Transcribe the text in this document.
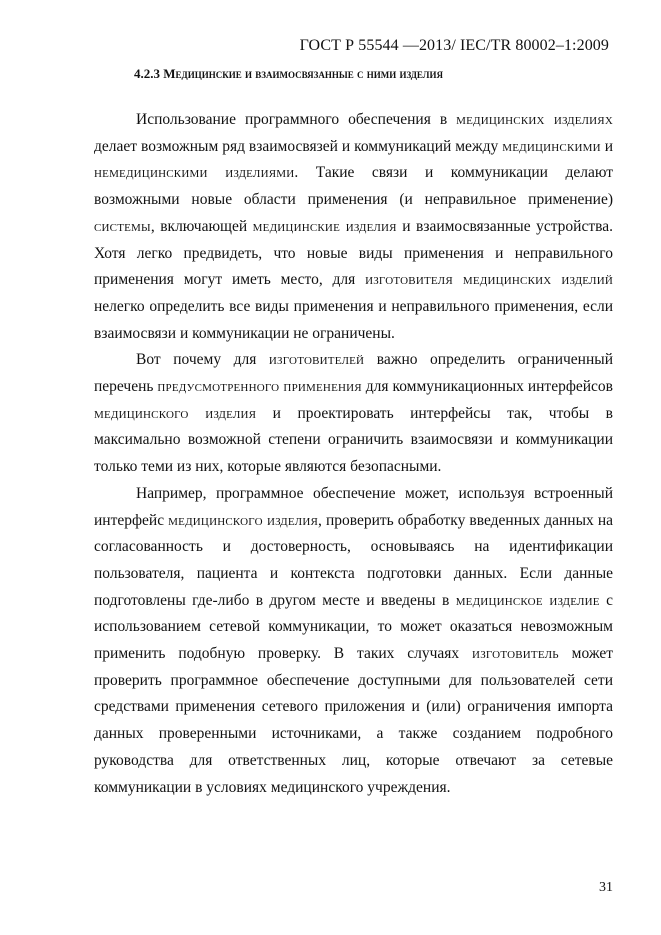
ГОСТ Р 55544 —2013/ IEC/TR 80002–1:2009
4.2.3 Медицинские и взаимосвязанные с ними изделия

Использование программного обеспечения в медицинских изделиях делает возможным ряд взаимосвязей и коммуникаций между медицинскими и немедицинскими изделиями. Такие связи и коммуникации делают возможными новые области применения (и неправильное применение) системы, включающей медицинские изделия и взаимосвязанные устройства. Хотя легко предвидеть, что новые виды применения и неправильного применения могут иметь место, для изготовителя медицинских изделий нелегко определить все виды применения и неправильного применения, если взаимосвязи и коммуникации не ограничены.

Вот почему для изготовителей важно определить ограниченный перечень предусмотренного применения для коммуникационных интерфейсов медицинского изделия и проектировать интерфейсы так, чтобы в максимально возможной степени ограничить взаимосвязи и коммуникации только теми из них, которые являются безопасными.

Например, программное обеспечение может, используя встроенный интерфейс медицинского изделия, проверить обработку введенных данных на согласованность и достоверность, основываясь на идентификации пользователя, пациента и контекста подготовки данных. Если данные подготовлены где-либо в другом месте и введены в медицинское изделие с использованием сетевой коммуникации, то может оказаться невозможным применить подобную проверку. В таких случаях изготовитель может проверить программное обеспечение доступными для пользователей сети средствами применения сетевого приложения и (или) ограничения импорта данных проверенными источниками, а также созданием подробного руководства для ответственных лиц, которые отвечают за сетевые коммуникации в условиях медицинского учреждения.

31
